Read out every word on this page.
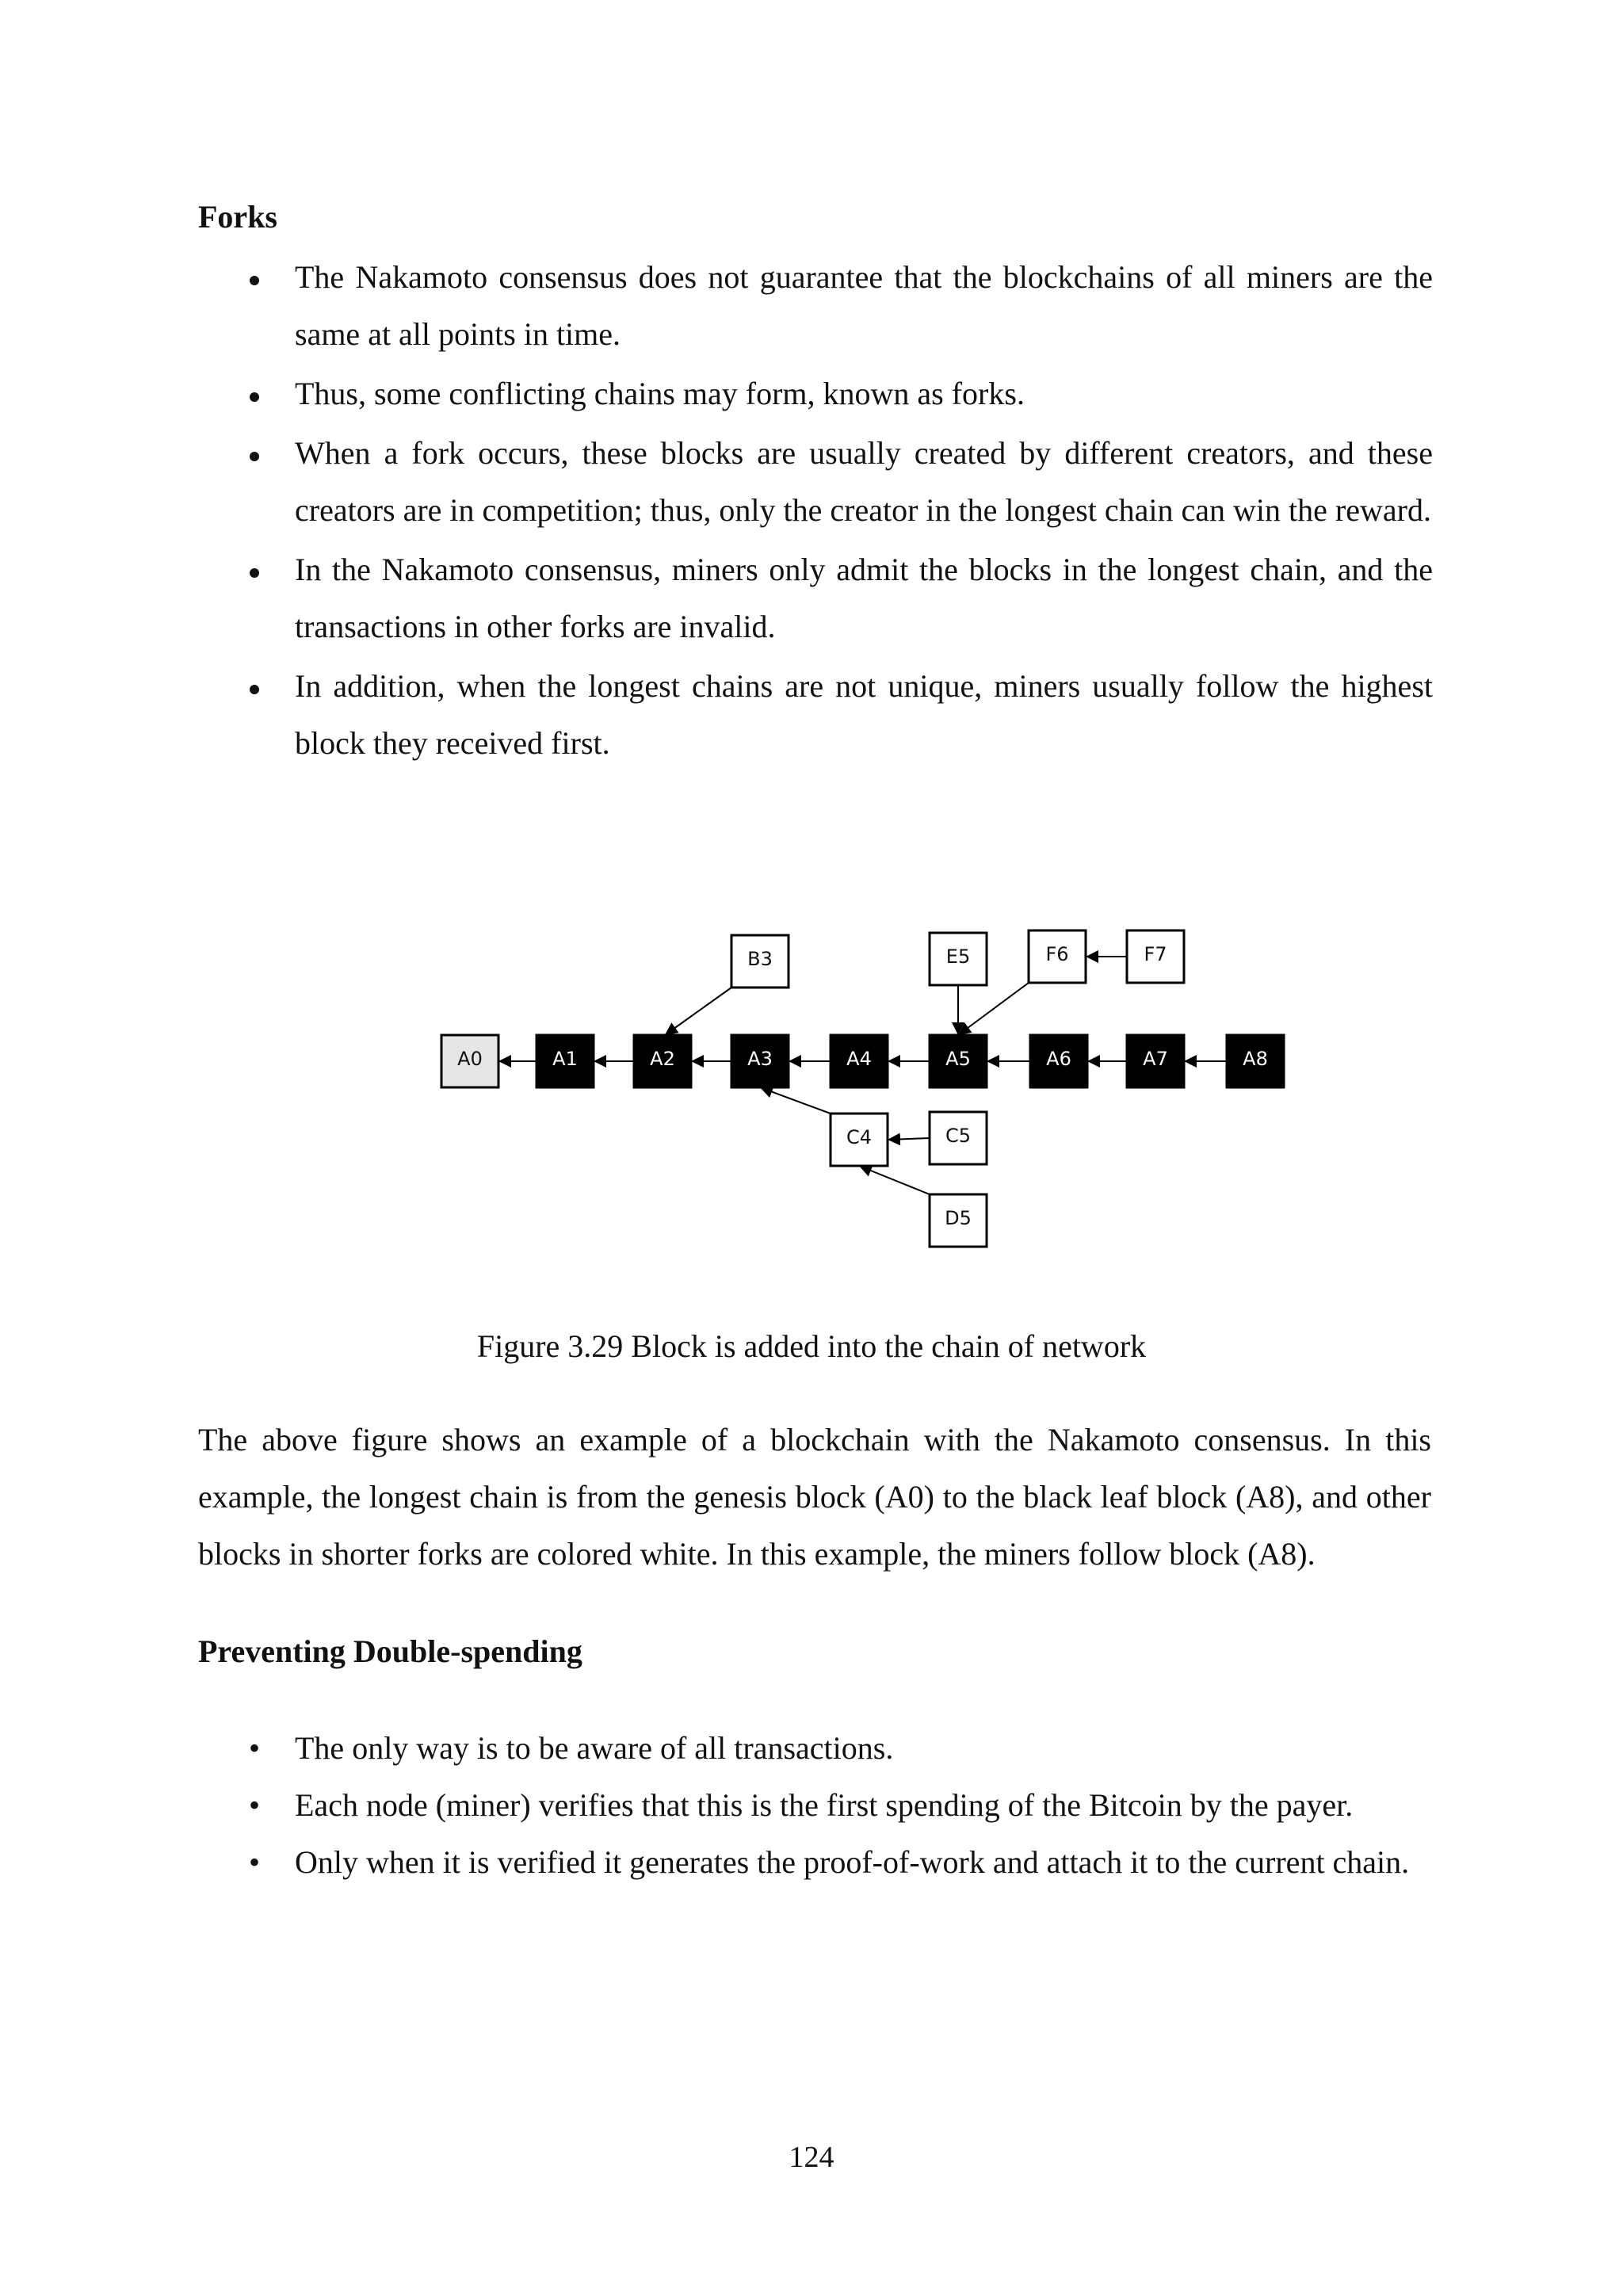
Forks
The Nakamoto consensus does not guarantee that the blockchains of all miners are the same at all points in time.
Thus, some conflicting chains may form, known as forks.
When a fork occurs, these blocks are usually created by different creators, and these creators are in competition; thus, only the creator in the longest chain can win the reward.
In the Nakamoto consensus, miners only admit the blocks in the longest chain, and the transactions in other forks are invalid.
In addition, when the longest chains are not unique, miners usually follow the highest block they received first.
A0	A1	A2	A3	A4	A5	A6	A7	A8
B3	E5	F6	F7
C4	C5
D5

Figure 3.29 Block is added into the chain of network

The above figure shows an example of a blockchain with the Nakamoto consensus. In this example, the longest chain is from the genesis block (A0) to the black leaf block (A8), and other blocks in shorter forks are colored white. In this example, the miners follow block (A8).

Preventing Double-spending
• The only way is to be aware of all transactions.
• Each node (miner) verifies that this is the first spending of the Bitcoin by the payer.
• Only when it is verified it generates the proof-of-work and attach it to the current chain.

124
